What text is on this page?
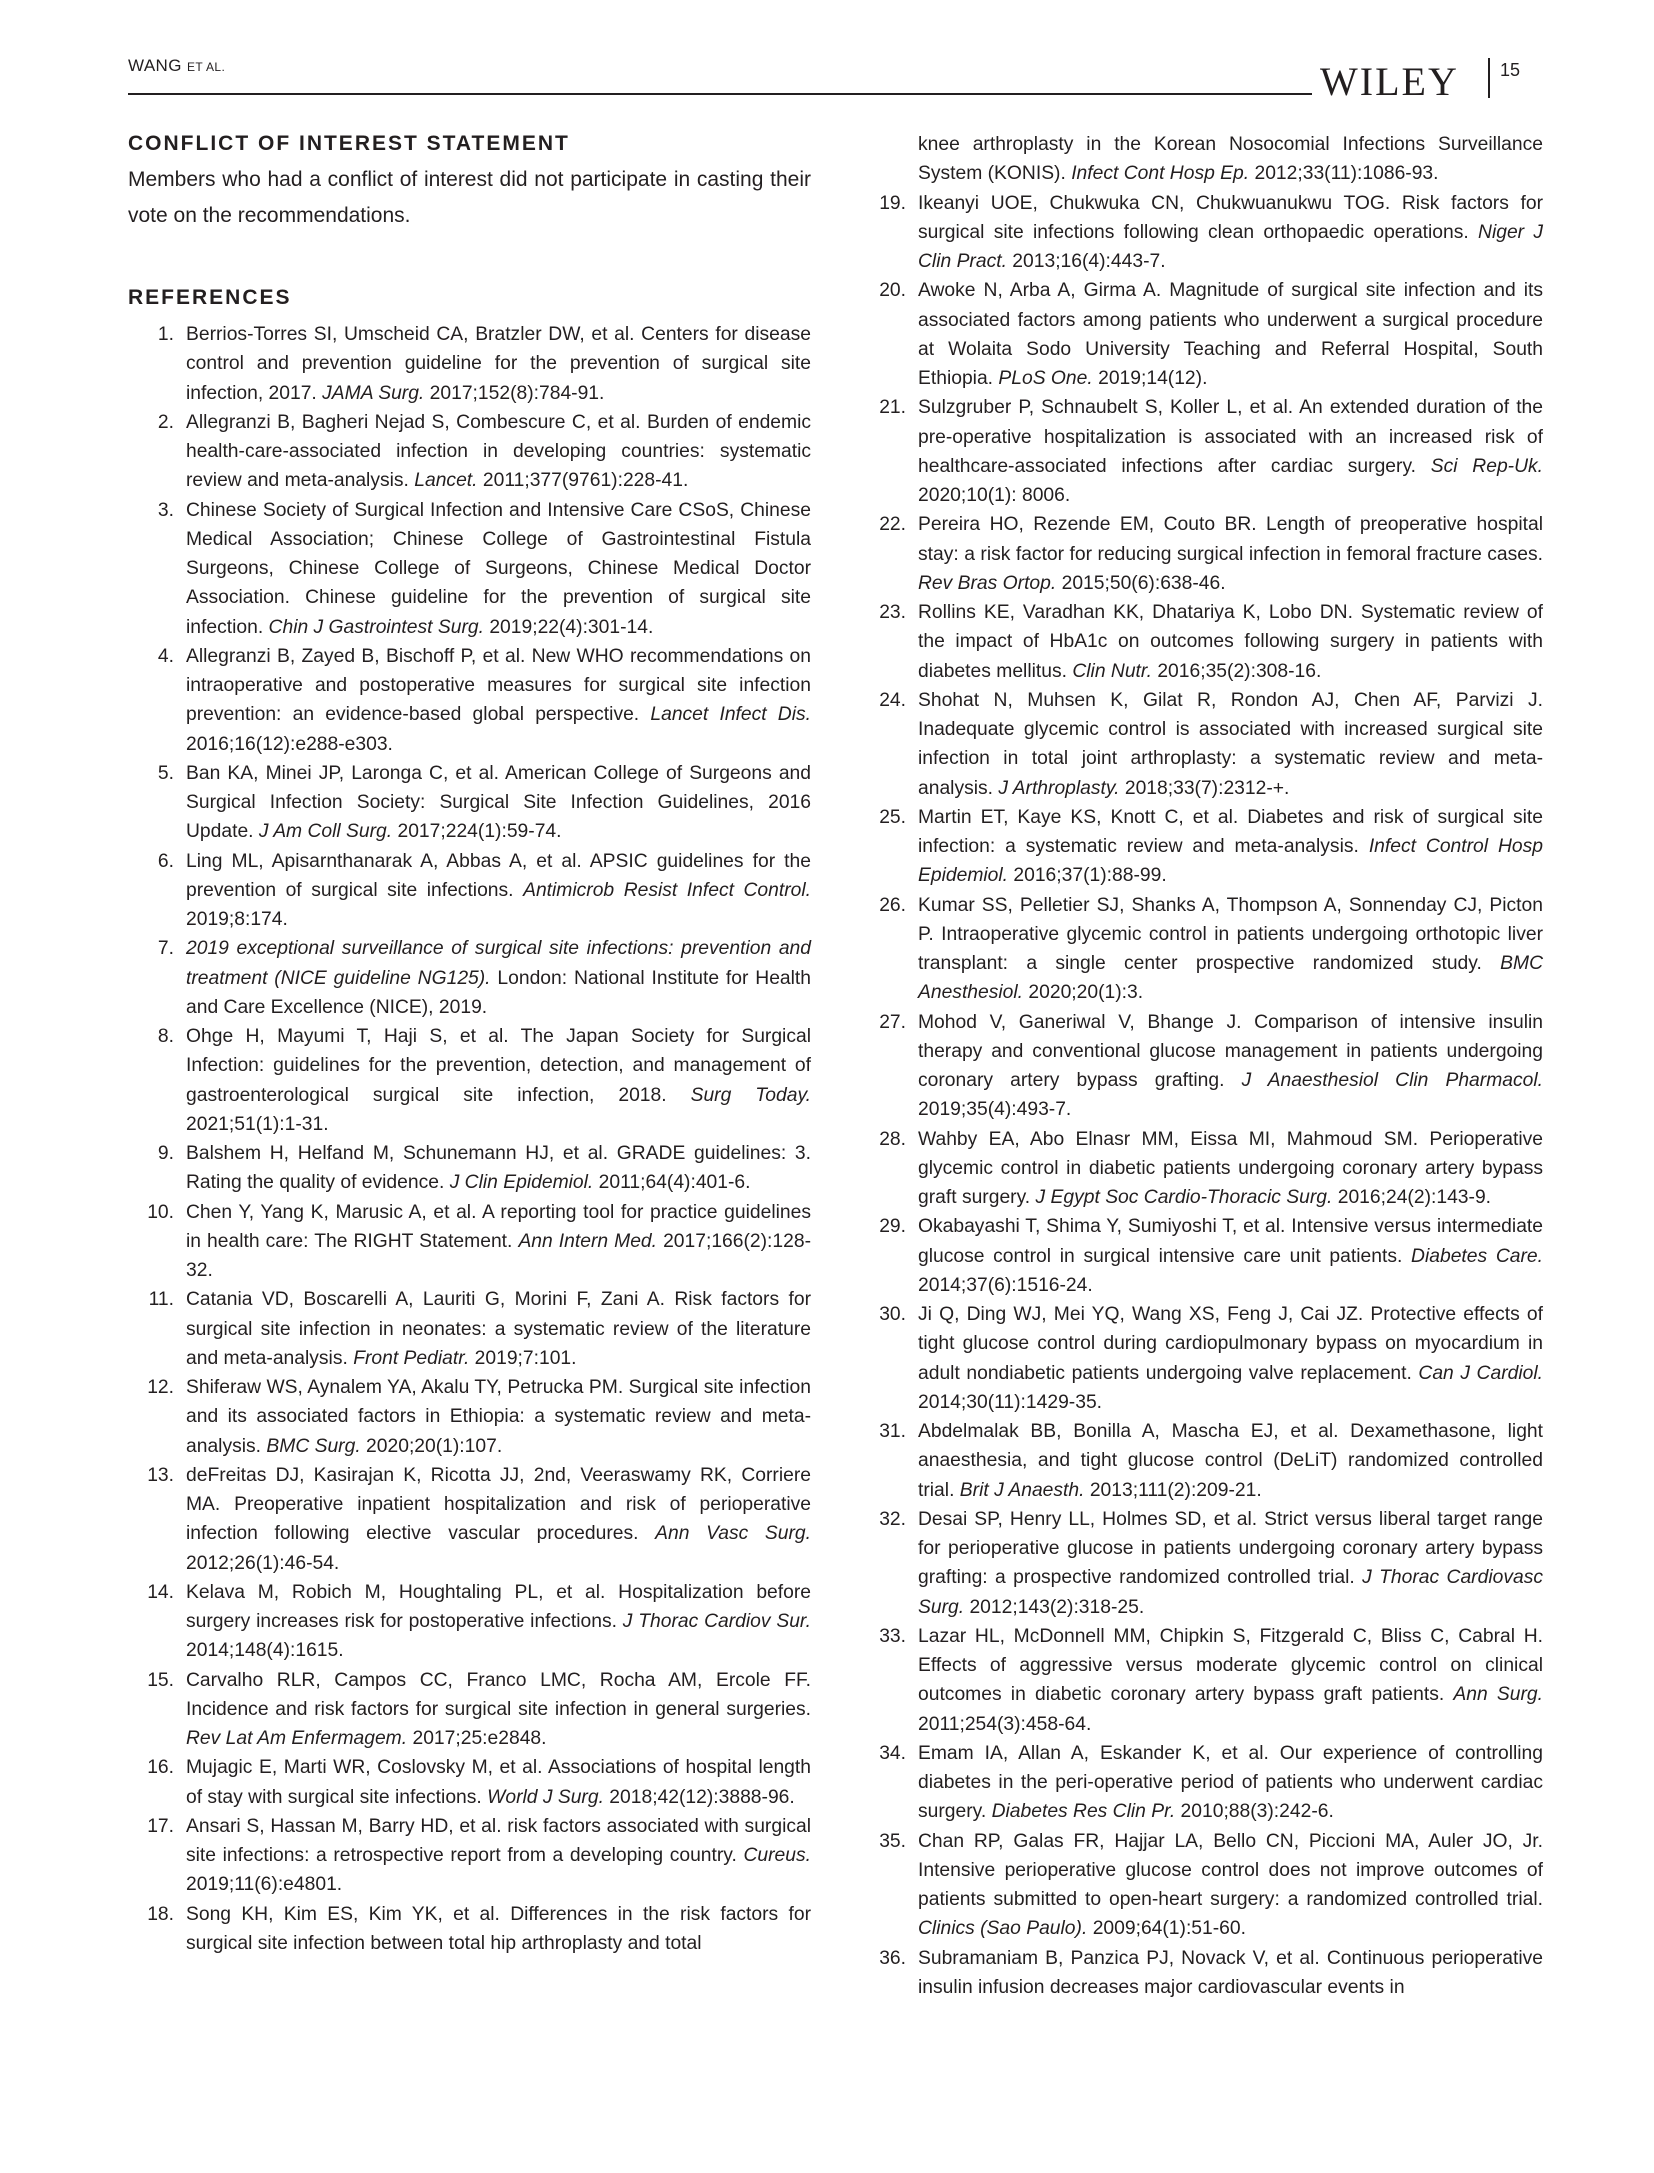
WANG ET AL.	WILEY	15
CONFLICT OF INTEREST STATEMENT

Members who had a conflict of interest did not participate in casting their vote on the recommendations.

REFERENCES
1. Berrios-Torres SI, Umscheid CA, Bratzler DW, et al. Centers for disease control and prevention guideline for the prevention of surgical site infection, 2017. JAMA Surg. 2017;152(8):784-91.
2. Allegranzi B, Bagheri Nejad S, Combescure C, et al. Burden of endemic health-care-associated infection in developing countries: systematic review and meta-analysis. Lancet. 2011;377(9761):228-41.
3. Chinese Society of Surgical Infection and Intensive Care CSoS, Chinese Medical Association; Chinese College of Gastrointestinal Fistula Surgeons, Chinese College of Surgeons, Chinese Medical Doctor Association. Chinese guideline for the prevention of surgical site infection. Chin J Gastrointest Surg. 2019;22(4):301-14.
4. Allegranzi B, Zayed B, Bischoff P, et al. New WHO recommendations on intraoperative and postoperative measures for surgical site infection prevention: an evidence-based global perspective. Lancet Infect Dis. 2016;16(12):e288-e303.
5. Ban KA, Minei JP, Laronga C, et al. American College of Surgeons and Surgical Infection Society: Surgical Site Infection Guidelines, 2016 Update. J Am Coll Surg. 2017;224(1):59-74.
6. Ling ML, Apisarnthanarak A, Abbas A, et al. APSIC guidelines for the prevention of surgical site infections. Antimicrob Resist Infect Control. 2019;8:174.
7. 2019 exceptional surveillance of surgical site infections: prevention and treatment (NICE guideline NG125). London: National Institute for Health and Care Excellence (NICE), 2019.
8. Ohge H, Mayumi T, Haji S, et al. The Japan Society for Surgical Infection: guidelines for the prevention, detection, and management of gastroenterological surgical site infection, 2018. Surg Today. 2021;51(1):1-31.
9. Balshem H, Helfand M, Schunemann HJ, et al. GRADE guidelines: 3. Rating the quality of evidence. J Clin Epidemiol. 2011;64(4):401-6.
10. Chen Y, Yang K, Marusic A, et al. A reporting tool for practice guidelines in health care: The RIGHT Statement. Ann Intern Med. 2017;166(2):128-32.
11. Catania VD, Boscarelli A, Lauriti G, Morini F, Zani A. Risk factors for surgical site infection in neonates: a systematic review of the literature and meta-analysis. Front Pediatr. 2019;7:101.
12. Shiferaw WS, Aynalem YA, Akalu TY, Petrucka PM. Surgical site infection and its associated factors in Ethiopia: a systematic review and meta-analysis. BMC Surg. 2020;20(1):107.
13. deFreitas DJ, Kasirajan K, Ricotta JJ, 2nd, Veeraswamy RK, Corriere MA. Preoperative inpatient hospitalization and risk of perioperative infection following elective vascular procedures. Ann Vasc Surg. 2012;26(1):46-54.
14. Kelava M, Robich M, Houghtaling PL, et al. Hospitalization before surgery increases risk for postoperative infections. J Thorac Cardiov Sur. 2014;148(4):1615.
15. Carvalho RLR, Campos CC, Franco LMC, Rocha AM, Ercole FF. Incidence and risk factors for surgical site infection in general surgeries. Rev Lat Am Enfermagem. 2017;25:e2848.
16. Mujagic E, Marti WR, Coslovsky M, et al. Associations of hospital length of stay with surgical site infections. World J Surg. 2018;42(12):3888-96.
17. Ansari S, Hassan M, Barry HD, et al. risk factors associated with surgical site infections: a retrospective report from a developing country. Cureus. 2019;11(6):e4801.
18. Song KH, Kim ES, Kim YK, et al. Differences in the risk factors for surgical site infection between total hip arthroplasty and total

knee arthroplasty in the Korean Nosocomial Infections Surveillance System (KONIS). Infect Cont Hosp Ep. 2012;33(11):1086-93.

19. Ikeanyi UOE, Chukwuka CN, Chukwuanukwu TOG. Risk factors for surgical site infections following clean orthopaedic operations. Niger J Clin Pract. 2013;16(4):443-7.
20. Awoke N, Arba A, Girma A. Magnitude of surgical site infection and its associated factors among patients who underwent a surgical procedure at Wolaita Sodo University Teaching and Referral Hospital, South Ethiopia. PLoS One. 2019;14(12).
21. Sulzgruber P, Schnaubelt S, Koller L, et al. An extended duration of the pre-operative hospitalization is associated with an increased risk of healthcare-associated infections after cardiac surgery. Sci Rep-Uk. 2020;10(1): 8006.
22. Pereira HO, Rezende EM, Couto BR. Length of preoperative hospital stay: a risk factor for reducing surgical infection in femoral fracture cases. Rev Bras Ortop. 2015;50(6):638-46.
23. Rollins KE, Varadhan KK, Dhatariya K, Lobo DN. Systematic review of the impact of HbA1c on outcomes following surgery in patients with diabetes mellitus. Clin Nutr. 2016;35(2):308-16.
24. Shohat N, Muhsen K, Gilat R, Rondon AJ, Chen AF, Parvizi J. Inadequate glycemic control is associated with increased surgical site infection in total joint arthroplasty: a systematic review and meta-analysis. J Arthroplasty. 2018;33(7):2312-+.
25. Martin ET, Kaye KS, Knott C, et al. Diabetes and risk of surgical site infection: a systematic review and meta-analysis. Infect Control Hosp Epidemiol. 2016;37(1):88-99.
26. Kumar SS, Pelletier SJ, Shanks A, Thompson A, Sonnenday CJ, Picton P. Intraoperative glycemic control in patients undergoing orthotopic liver transplant: a single center prospective randomized study. BMC Anesthesiol. 2020;20(1):3.
27. Mohod V, Ganeriwal V, Bhange J. Comparison of intensive insulin therapy and conventional glucose management in patients undergoing coronary artery bypass grafting. J Anaesthesiol Clin Pharmacol. 2019;35(4):493-7.
28. Wahby EA, Abo Elnasr MM, Eissa MI, Mahmoud SM. Perioperative glycemic control in diabetic patients undergoing coronary artery bypass graft surgery. J Egypt Soc Cardio-Thoracic Surg. 2016;24(2):143-9.
29. Okabayashi T, Shima Y, Sumiyoshi T, et al. Intensive versus intermediate glucose control in surgical intensive care unit patients. Diabetes Care. 2014;37(6):1516-24.
30. Ji Q, Ding WJ, Mei YQ, Wang XS, Feng J, Cai JZ. Protective effects of tight glucose control during cardiopulmonary bypass on myocardium in adult nondiabetic patients undergoing valve replacement. Can J Cardiol. 2014;30(11):1429-35.
31. Abdelmalak BB, Bonilla A, Mascha EJ, et al. Dexamethasone, light anaesthesia, and tight glucose control (DeLiT) randomized controlled trial. Brit J Anaesth. 2013;111(2):209-21.
32. Desai SP, Henry LL, Holmes SD, et al. Strict versus liberal target range for perioperative glucose in patients undergoing coronary artery bypass grafting: a prospective randomized controlled trial. J Thorac Cardiovasc Surg. 2012;143(2):318-25.
33. Lazar HL, McDonnell MM, Chipkin S, Fitzgerald C, Bliss C, Cabral H. Effects of aggressive versus moderate glycemic control on clinical outcomes in diabetic coronary artery bypass graft patients. Ann Surg. 2011;254(3):458-64.
34. Emam IA, Allan A, Eskander K, et al. Our experience of controlling diabetes in the peri-operative period of patients who underwent cardiac surgery. Diabetes Res Clin Pr. 2010;88(3):242-6.
35. Chan RP, Galas FR, Hajjar LA, Bello CN, Piccioni MA, Auler JO, Jr. Intensive perioperative glucose control does not improve outcomes of patients submitted to open-heart surgery: a randomized controlled trial. Clinics (Sao Paulo). 2009;64(1):51-60.
36. Subramaniam B, Panzica PJ, Novack V, et al. Continuous perioperative insulin infusion decreases major cardiovascular events in
